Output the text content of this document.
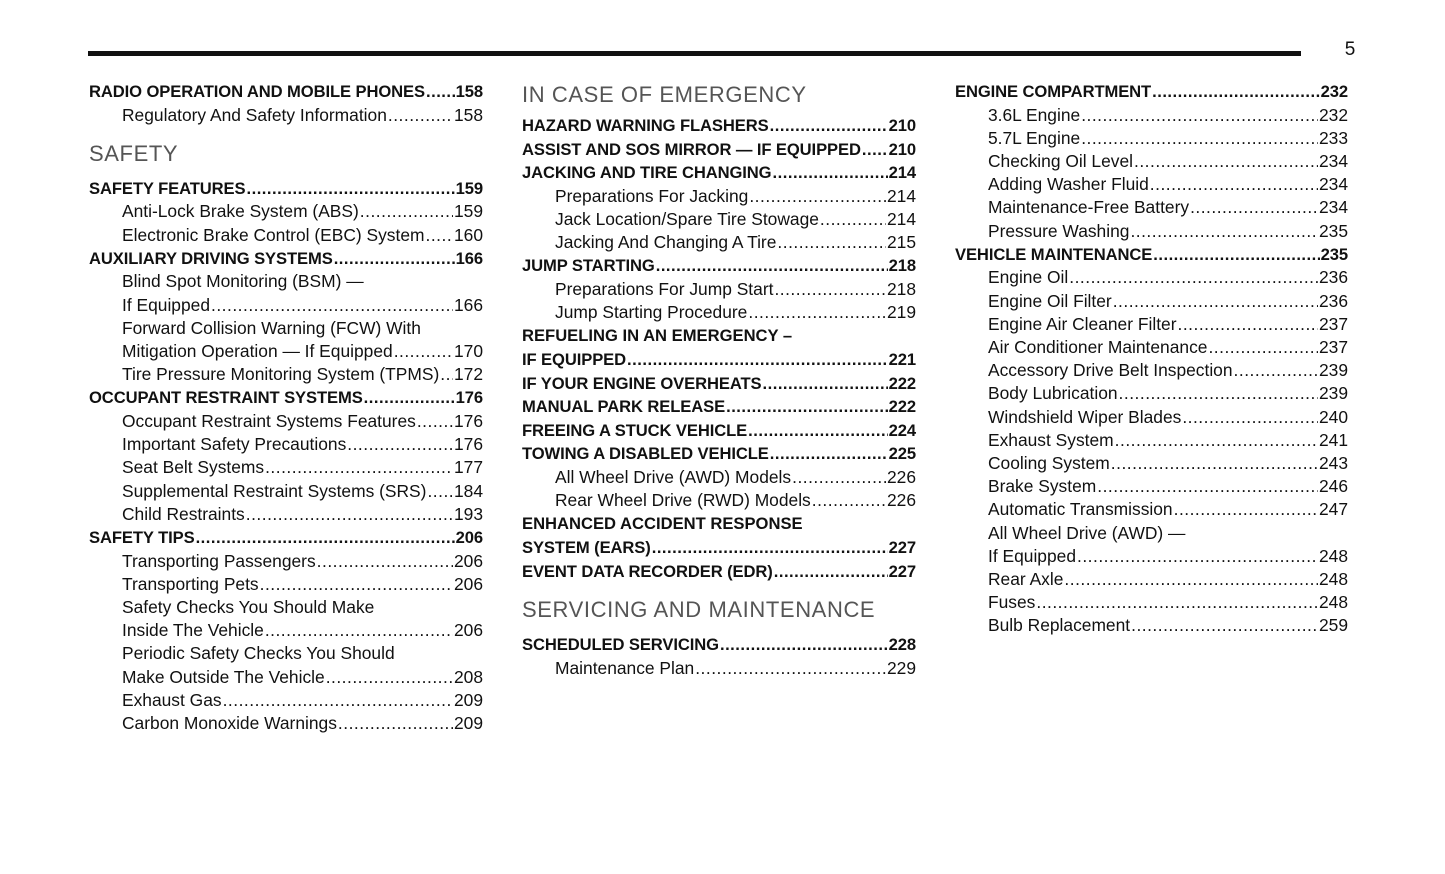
5
RADIO OPERATION AND MOBILE PHONES ..... 158
Regulatory And Safety Information .....	158
SAFETY
SAFETY FEATURES .....	159
Anti-Lock Brake System (ABS) .....	159
Electronic Brake Control (EBC) System ..... 160
AUXILIARY DRIVING SYSTEMS .....	166
Blind Spot Monitoring (BSM) —
If Equipped .....	166
Forward Collision Warning (FCW) With
Mitigation Operation — If Equipped .....	170
Tire Pressure Monitoring System (TPMS) ..... 172
OCCUPANT RESTRAINT SYSTEMS .....	176
Occupant Restraint Systems Features ..... 176
Important Safety Precautions .....	176
Seat Belt Systems .....	177
Supplemental Restraint Systems (SRS) ..... 184
Child Restraints .....	193
SAFETY TIPS .....	206
Transporting Passengers .....	206
Transporting Pets .....	206
Safety Checks You Should Make
Inside The Vehicle .....	206
Periodic Safety Checks You Should
Make Outside The Vehicle .....	208
Exhaust Gas .....	209
Carbon Monoxide Warnings .....	209
IN CASE OF EMERGENCY
HAZARD WARNING FLASHERS .....	210
ASSIST AND SOS MIRROR — IF EQUIPPED ..... 210
JACKING AND TIRE CHANGING .....	214
Preparations For Jacking .....	214
Jack Location/Spare Tire Stowage .....	214
Jacking And Changing A Tire .....	215
JUMP STARTING .....	218
Preparations For Jump Start .....	218
Jump Starting Procedure .....	219
REFUELING IN AN EMERGENCY –
IF EQUIPPED .....	221
IF YOUR ENGINE OVERHEATS .....	222
MANUAL PARK RELEASE .....	222
FREEING A STUCK VEHICLE .....	224
TOWING A DISABLED VEHICLE .....	225
All Wheel Drive (AWD) Models .....	226
Rear Wheel Drive (RWD) Models .....	226
ENHANCED ACCIDENT RESPONSE
SYSTEM (EARS) .....	227
EVENT DATA RECORDER (EDR) .....	227
SERVICING AND MAINTENANCE
SCHEDULED SERVICING .....	228
Maintenance Plan .....	229
ENGINE COMPARTMENT .....	232
3.6L Engine .....	232
5.7L Engine .....	233
Checking Oil Level .....	234
Adding Washer Fluid .....	234
Maintenance-Free Battery .....	234
Pressure Washing .....	235
VEHICLE MAINTENANCE .....	235
Engine Oil .....	236
Engine Oil Filter .....	236
Engine Air Cleaner Filter .....	237
Air Conditioner Maintenance .....	237
Accessory Drive Belt Inspection .....	239
Body Lubrication .....	239
Windshield Wiper Blades .....	240
Exhaust System .....	241
Cooling System .....	243
Brake System .....	246
Automatic Transmission .....	247
All Wheel Drive (AWD) —
If Equipped .....	248
Rear Axle .....	248
Fuses .....	248
Bulb Replacement .....	259
